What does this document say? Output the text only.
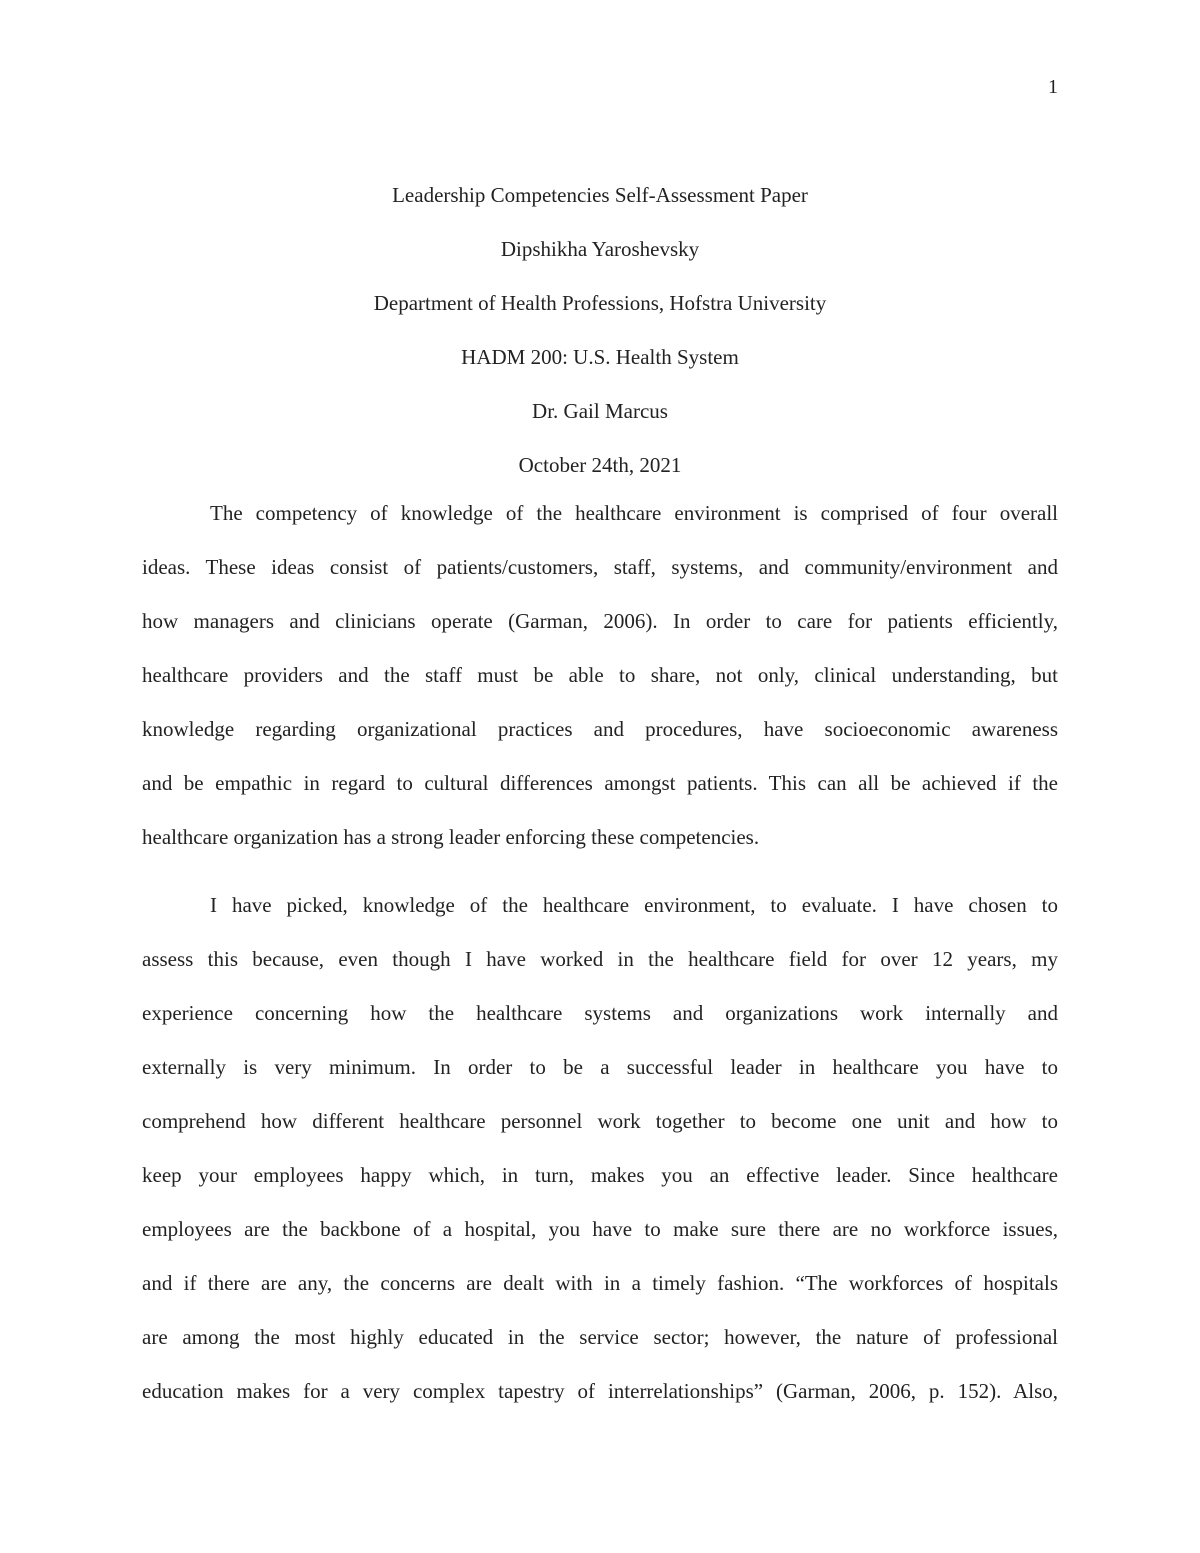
1
Leadership Competencies Self-Assessment Paper
Dipshikha Yaroshevsky
Department of Health Professions, Hofstra University
HADM 200: U.S. Health System
Dr. Gail Marcus
October 24th, 2021
The competency of knowledge of the healthcare environment is comprised of four overall
ideas. These ideas consist of patients/customers, staff, systems, and community/environment and
how managers and clinicians operate (Garman, 2006). In order to care for patients efficiently,
healthcare providers and the staff must be able to share, not only, clinical understanding, but
knowledge regarding organizational practices and procedures, have socioeconomic awareness
and be empathic in regard to cultural differences amongst patients. This can all be achieved if the
healthcare organization has a strong leader enforcing these competencies.
I have picked, knowledge of the healthcare environment, to evaluate. I have chosen to
assess this because, even though I have worked in the healthcare field for over 12 years, my
experience concerning how the healthcare systems and organizations work internally and
externally is very minimum. In order to be a successful leader in healthcare you have to
comprehend how different healthcare personnel work together to become one unit and how to
keep your employees happy which, in turn, makes you an effective leader. Since healthcare
employees are the backbone of a hospital, you have to make sure there are no workforce issues,
and if there are any, the concerns are dealt with in a timely fashion. “The workforces of hospitals
are among the most highly educated in the service sector; however, the nature of professional
education makes for a very complex tapestry of interrelationships” (Garman, 2006, p. 152). Also,
